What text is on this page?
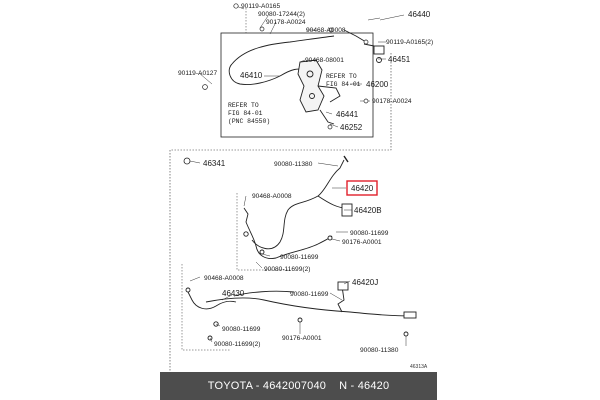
90119-A0165
90080-17244(2)
90178-A0024
90468-A0008
46440
90119-A0165(2)
46451
90119-A0127	46410
90468-08001
46200
90178-A0024
46441
46252
REFER TO
FIG 84-01
REFER TO
FIG 84-01
(PNC 84550)
46341	90080-11380
46420
90468-A0008
46420B
90080-11699
90176-A0001
90080-11699
90080-11699(2)
90468-A0008	46420J
46430	90080-11699
90080-11699
90080-11699(2)
90176-A0001
90080-11380
46313A
TOYOTA - 4642007040 N - 46420
